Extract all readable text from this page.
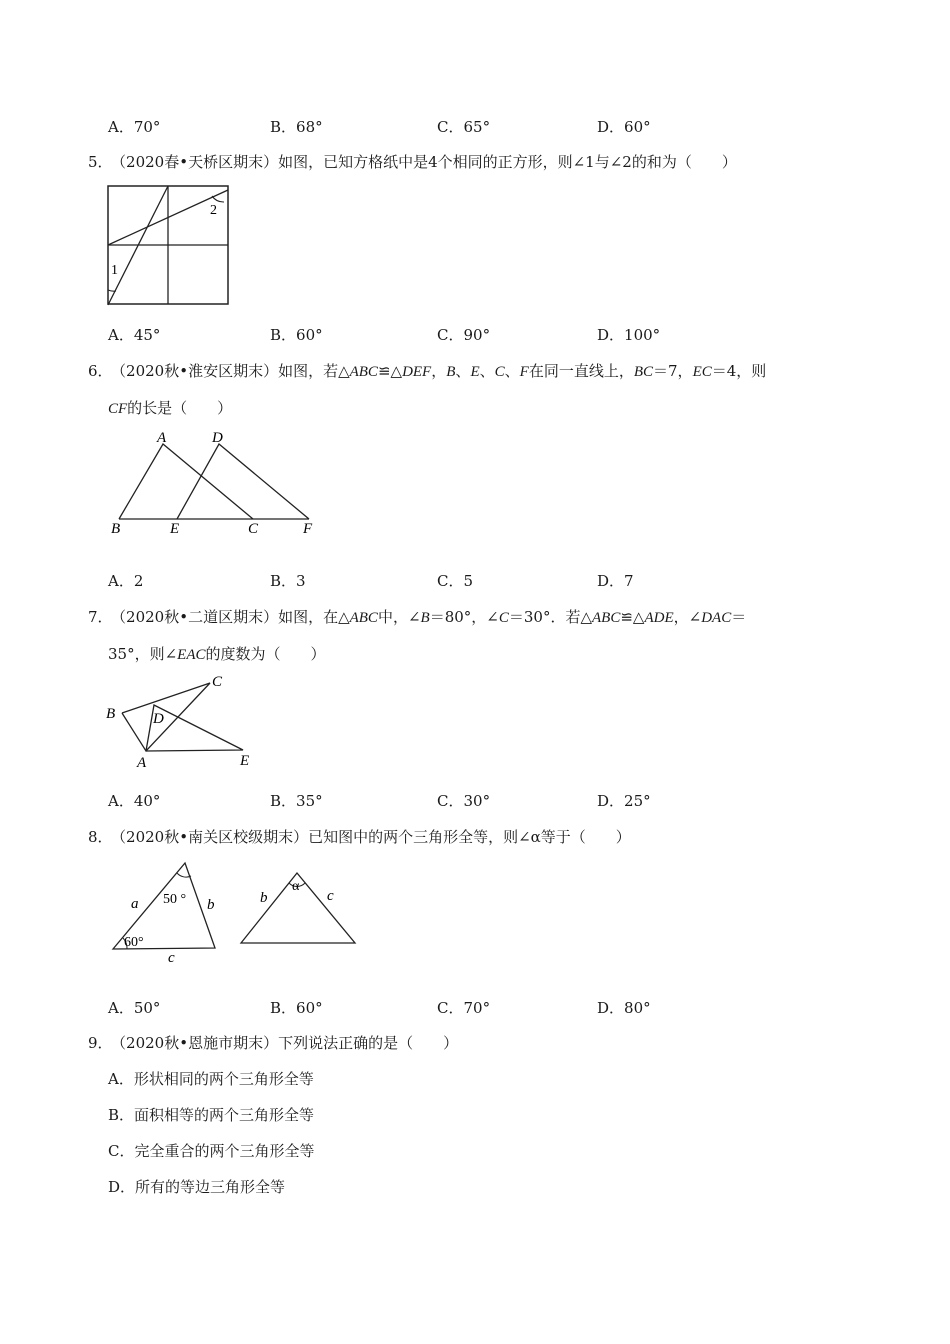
A．70°	B．68°	C．65°	D．60°
5． （2020春•天桥区期末）如图，已知方格纸中是4个相同的正方形，则∠1与∠2的和为（　　）
1
2
A．45°	B．60°	C．90°	D．100°
6． （2020秋•淮安区期末）如图，若△ABC≌△DEF，B、E、C、F在同一直线上，BC＝7，EC＝4，则
CF的长是（　　）
A	D
B	E	C	F
A．2	B．3	C．5	D．7
7． （2020秋•二道区期末）如图，在△ABC中，∠B＝80°，∠C＝30°．若△ABC≌△ADE，∠DAC＝
35°，则∠EAC的度数为（　　）
B
C
D
A	E
A．40°	B．35°	C．30°	D．25°
8． （2020秋•南关区校级期末）已知图中的两个三角形全等，则∠α等于（　　）
a 50 ° b
60°
c
b
α
c
A．50°	B．60°	C．70°	D．80°
9． （2020秋•恩施市期末）下列说法正确的是（　　）
A．形状相同的两个三角形全等
B．面积相等的两个三角形全等
C．完全重合的两个三角形全等
D．所有的等边三角形全等
